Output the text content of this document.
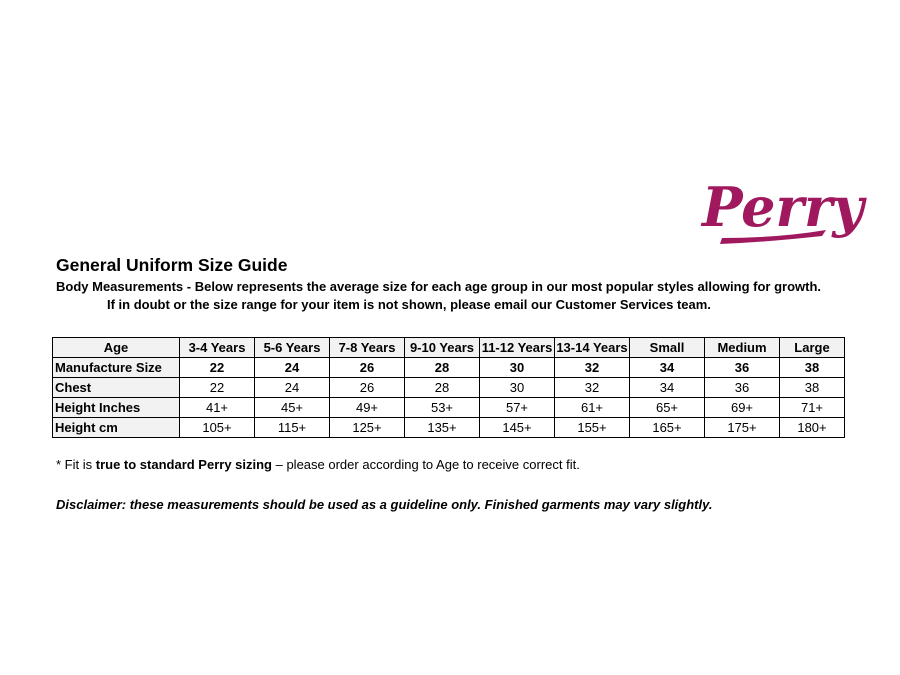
Perry
General Uniform Size Guide
Body Measurements - Below represents the average size for each age group in our most popular styles allowing for growth.
If in doubt or the size range for your item is not shown, please email our Customer Services team.
Age	3-4 Years	5-6 Years	7-8 Years	9-10 Years	11-12 Years	13-14 Years	Small	Medium	Large
Manufacture Size	22	24	26	28	30	32	34	36	38
Chest	22	24	26	28	30	32	34	36	38
Height Inches	41+	45+	49+	53+	57+	61+	65+	69+	71+
Height cm	105+	115+	125+	135+	145+	155+	165+	175+	180+
* Fit is true to standard Perry sizing – please order according to Age to receive correct fit.
Disclaimer: these measurements should be used as a guideline only. Finished garments may vary slightly.
